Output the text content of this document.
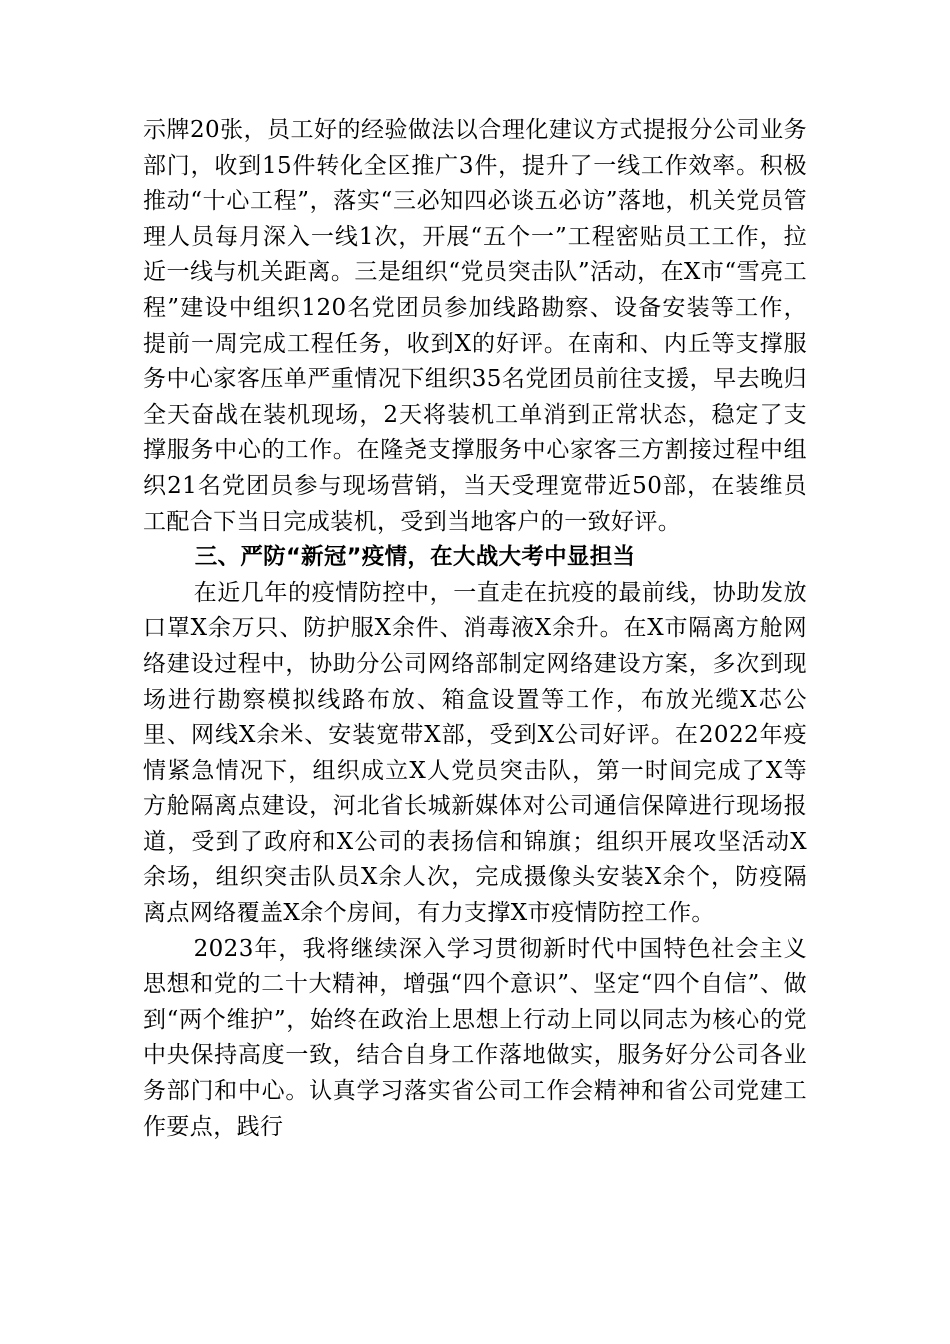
示牌20张，员工好的经验做法以合理化建议方式提报分公司业务部门，收到15件转化全区推广3件，提升了一线工作效率。积极推动“十心工程”，落实“三必知四必谈五必访”落地，机关党员管理人员每月深入一线1次，开展“五个一”工程密贴员工工作，拉近一线与机关距离。三是组织“党员突击队”活动，在X市“雪亮工程”建设中组织120名党团员参加线路勘察、设备安装等工作，提前一周完成工程任务，收到X的好评。在南和、内丘等支撑服务中心家客压单严重情况下组织35名党团员前往支援，早去晚归全天奋战在装机现场，2天将装机工单消到正常状态，稳定了支撑服务中心的工作。在隆尧支撑服务中心家客三方割接过程中组织21名党团员参与现场营销，当天受理宽带近50部，在装维员工配合下当日完成装机，受到当地客户的一致好评。

三、严防“新冠”疫情，在大战大考中显担当

在近几年的疫情防控中，一直走在抗疫的最前线，协助发放口罩X余万只、防护服X余件、消毒液X余升。在X市隔离方舱网络建设过程中，协助分公司网络部制定网络建设方案，多次到现场进行勘察模拟线路布放、箱盒设置等工作，布放光缆X芯公里、网线X余米、安装宽带X部，受到X公司好评。在2022年疫情紧急情况下，组织成立X人党员突击队，第一时间完成了X等方舱隔离点建设，河北省长城新媒体对公司通信保障进行现场报道，受到了政府和X公司的表扬信和锦旗；组织开展攻坚活动X余场，组织突击队员X余人次，完成摄像头安装X余个，防疫隔离点网络覆盖X余个房间，有力支撑X市疫情防控工作。

2023年，我将继续深入学习贯彻新时代中国特色社会主义思想和党的二十大精神，增强“四个意识”、坚定“四个自信”、做到“两个维护”，始终在政治上思想上行动上同以同志为核心的党中央保持高度一致，结合自身工作落地做实，服务好分公司各业务部门和中心。认真学习落实省公司工作会精神和省公司党建工作要点，践行
